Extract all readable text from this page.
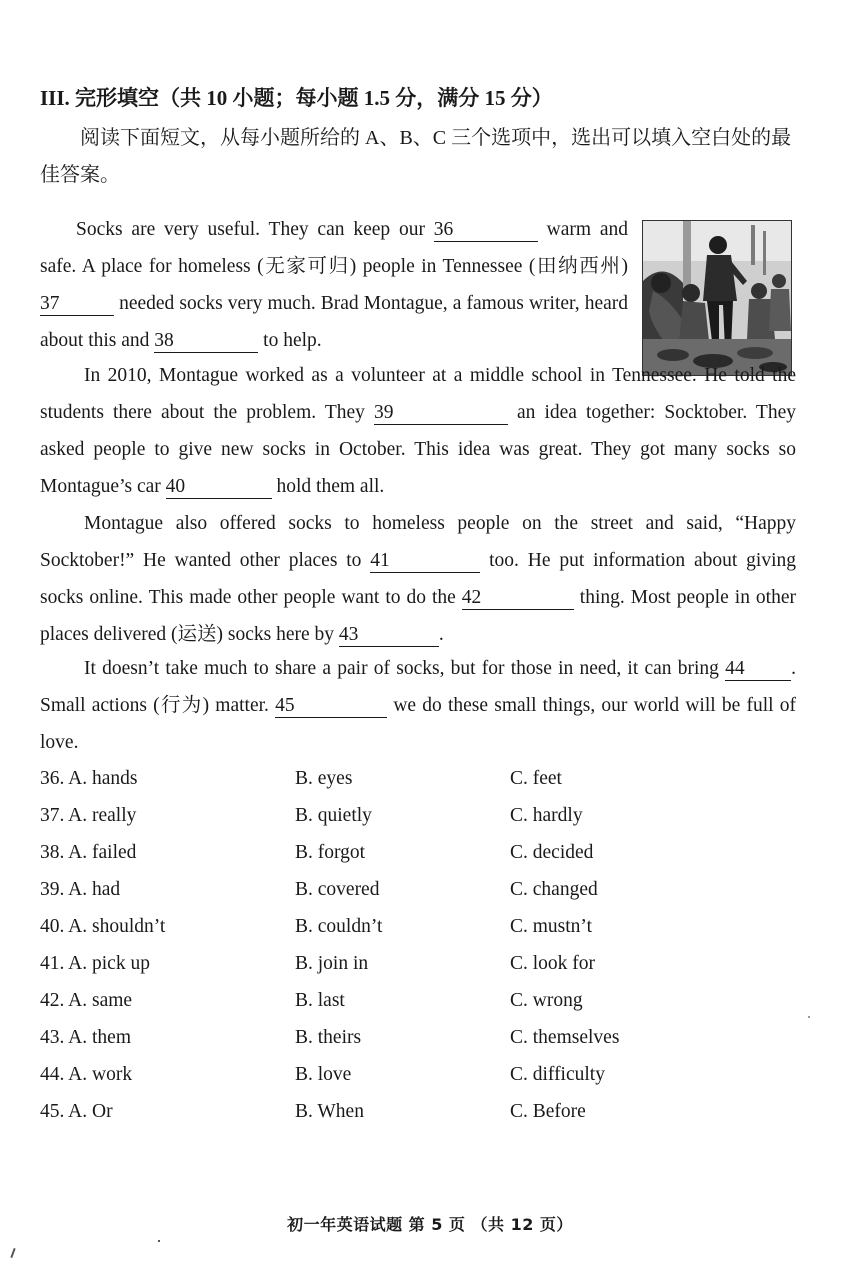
III. 完形填空（共 10 小题；每小题 1.5 分，满分 15 分）

阅读下面短文，从每小题所给的 A、B、C 三个选项中，选出可以填入空白处的最佳答案。

Socks are very useful. They can keep our 36	warm and safe. A place for homeless (无家可归) people in Tennessee (田纳西州) 37	needed socks very much. Brad Montague, a famous writer, heard about this and 38	to help.

In 2010, Montague worked as a volunteer at a middle school in Tennessee. He told the students there about the problem. They 39	an idea together: Socktober. They asked people to give new socks in October. This idea was great. They got many socks so Montague’s car 40	hold them all.

Montague also offered socks to homeless people on the street and said, “Happy Socktober!” He wanted other places to 41	too. He put information about giving socks online. This made other people want to do the 42	thing. Most people in other places delivered (运送) socks here by 43	.

It doesn’t take much to share a pair of socks, but for those in need, it can bring 44 . Small actions (行为) matter. 45	we do these small things, our world will be full of love.

36. A. hands	B. eyes	C. feet
37. A. really	B. quietly	C. hardly
38. A. failed	B. forgot	C. decided
39. A. had	B. covered	C. changed
40. A. shouldn’t	B. couldn’t	C. mustn’t
41. A. pick up	B. join in	C. look for
42. A. same	B. last	C. wrong
43. A. them	B. theirs	C. themselves
44. A. work	B. love	C. difficulty
45. A. Or	B. When	C. Before
初一年英语试题 第 5 页 （共 12 页）
